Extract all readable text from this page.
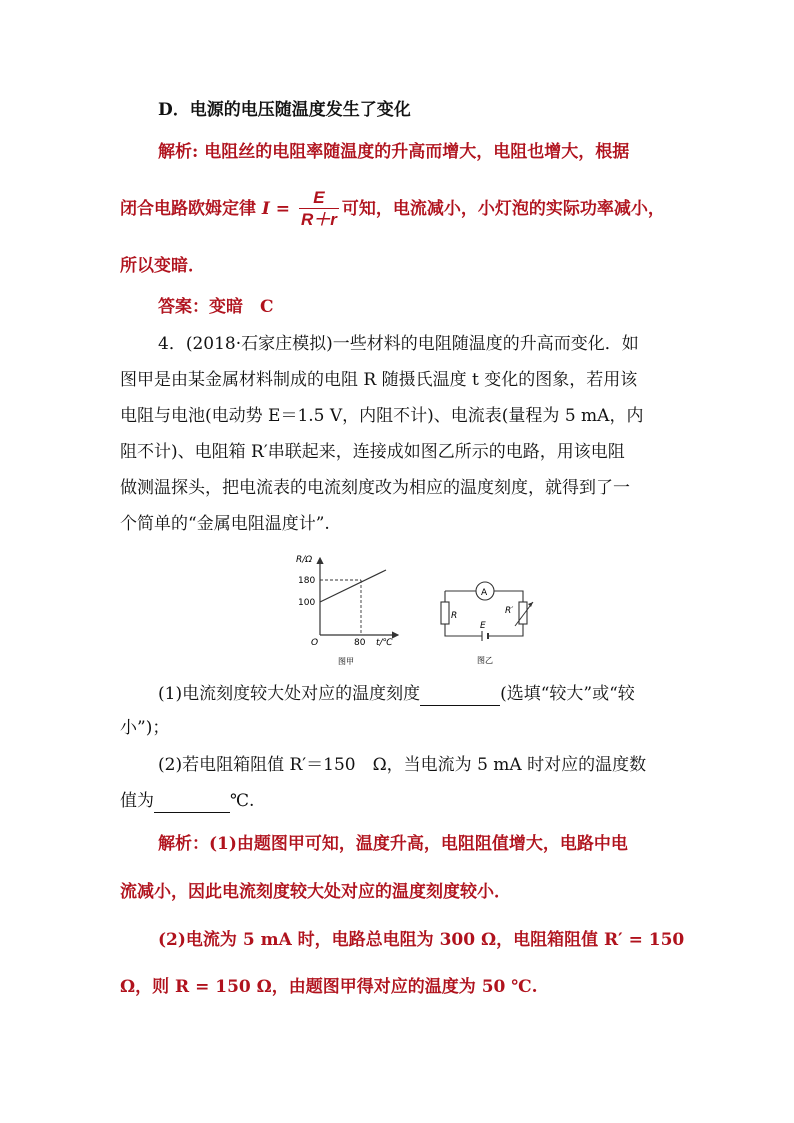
D．电源的电压随温度发生了变化
解析: 电阻丝的电阻率随温度的升高而增大，电阻也增大，根据
闭合电路欧姆定律 $I = \frac{E}{R+r}$ 可知，电流减小，小灯泡的实际功率减小，
所以变暗．
答案：变暗　C
4．(2018·石家庄模拟)一些材料的电阻随温度的升高而变化．如
图甲是由某金属材料制成的电阻 R 随摄氏温度 t 变化的图象，若用该
电阻与电池(电动势 E＝1.5 V，内阻不计)、电流表(量程为 5 mA，内
阻不计)、电阻箱 R′串联起来，连接成如图乙所示的电路，用该电阻
做测温探头，把电流表的电流刻度改为相应的温度刻度，就得到了一
个简单的“金属电阻温度计”.
R/Ω
180
100
O	80 t/℃
图甲
A
R	R′
E
图乙
(1)电流刻度较大处对应的温度刻度	(选填“较大”或“较
小”)；
(2)若电阻箱阻值 R′＝150　Ω，当电流为 5 mA 时对应的温度数
值为	℃.
解析：(1)由题图甲可知，温度升高，电阻阻值增大，电路中电
流减小，因此电流刻度较大处对应的温度刻度较小．
(2)电流为 5 mA 时，电路总电阻为 300 Ω，电阻箱阻值 R′ = 150
Ω，则 R = 150 Ω，由题图甲得对应的温度为 50 ℃.
